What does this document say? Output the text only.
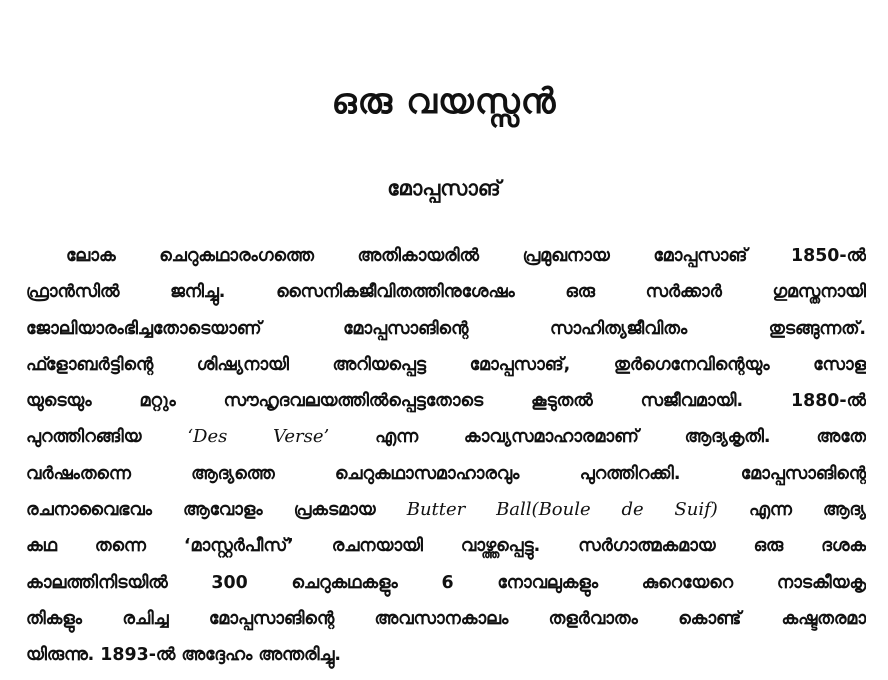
ഒരു വയസ്സൻ
മോപ്പസാങ്
ലോക ചെറുകഥാരംഗത്തെ അതികായരിൽ പ്രമുഖനായ മോപ്പസാങ് 1850-ൽ
ഫ്രാൻസിൽ ജനിച്ചു. സൈനികജീവിതത്തിനുശേഷം ഒരു സർക്കാർ ഗുമസ്തനായി
ജോലിയാരംഭിച്ചതോടെയാണ് മോപ്പസാങിന്റെ സാഹിത്യജീവിതം തുടങ്ങുന്നത്.
ഫ്ളോബർട്ടിന്റെ ശിഷ്യനായി അറിയപ്പെട്ട മോപ്പസാങ്, തുർഗെനേവിന്റെയും സോള
യുടെയും മറ്റും സൗഹൃദവലയത്തിൽപ്പെട്ടതോടെ കൂടുതൽ സജീവമായി. 1880-ൽ
പുറത്തിറങ്ങിയ ‘Des Verse’ എന്ന കാവ്യസമാഹാരമാണ് ആദ്യകൃതി. അതേ
വർഷംതന്നെ ആദ്യത്തെ ചെറുകഥാസമാഹാരവും പുറത്തിറക്കി. മോപ്പസാങിന്റെ
രചനാവൈഭവം ആവോളം പ്രകടമായ Butter Ball(Boule de Suif) എന്ന ആദ്യ
കഥ തന്നെ ‘മാസ്റ്റർപീസ്’ രചനയായി വാഴ്ത്തപ്പെട്ടു. സർഗാത്മകമായ ഒരു ദശക
കാലത്തിനിടയിൽ 300 ചെറുകഥകളും 6 നോവലുകളും കുറെയേറെ നാടകീയകൃ
തികളും രചിച്ച മോപ്പസാങിന്റെ അവസാനകാലം തളർവാതം കൊണ്ട് കഷ്ടതരമാ
യിരുന്നു. 1893-ൽ അദ്ദേഹം അന്തരിച്ചു.
